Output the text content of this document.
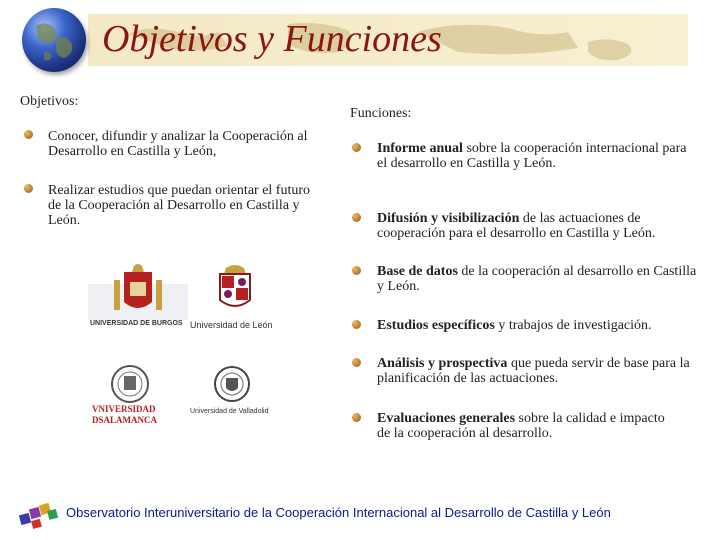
Objetivos y Funciones
Objetivos:
Conocer, difundir y analizar la Cooperación al Desarrollo en Castilla y León,
Realizar estudios que puedan orientar el futuro de la Cooperación al Desarrollo en Castilla y León.
UNIVERSIDAD DE BURGOS Universidad de León
VNIVERSIDAD DSALAMANCA
Universidad de Valladolid
Funciones:
Informe anual sobre la cooperación internacional para el desarrollo en Castilla y León.
Difusión y visibilización de las actuaciones de cooperación para el desarrollo en Castilla y León.
Base de datos de la cooperación al desarrollo en Castilla y León.
Estudios específicos y trabajos de investigación.
Análisis y prospectiva que pueda servir de base para la planificación de las actuaciones.
Evaluaciones generales sobre la calidad e impacto de la cooperación al desarrollo.
Observatorio Interuniversitario de la Cooperación Internacional al Desarrollo de Castilla y León
